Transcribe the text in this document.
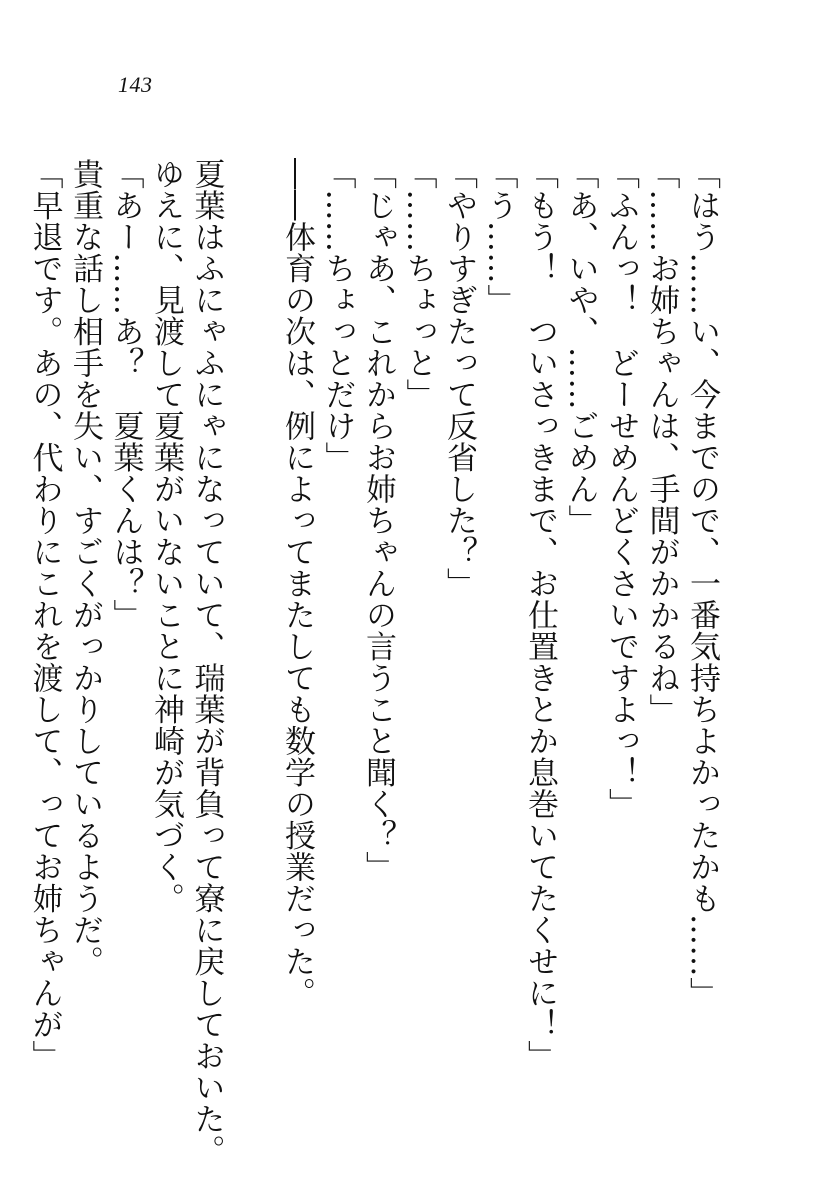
143
「はう……い、今までので、一番気持ちよかったかも……」
「……お姉ちゃんは、手間がかかるね」
「ふんっ！　どーせめんどくさいですよっ！」
「あ、いや、……ごめん」
「もう！　ついさっきまで、お仕置きとか息巻いてたくせに！」
「う……」
「やりすぎたって反省した？」
「……ちょっと」
「じゃあ、これからお姉ちゃんの言うこと聞く？」
「……ちょっとだけ」
――体育の次は、例によってまたしても数学の授業だった。
夏葉はふにゃふにゃになっていて、瑞葉が背負って寮に戻しておいた。
ゆえに、見渡して夏葉がいないことに神崎が気づく。
「あー……あ？　夏葉くんは？」
貴重な話し相手を失い、すごくがっかりしているようだ。
「早退です。あの、代わりにこれを渡して、ってお姉ちゃんが」
